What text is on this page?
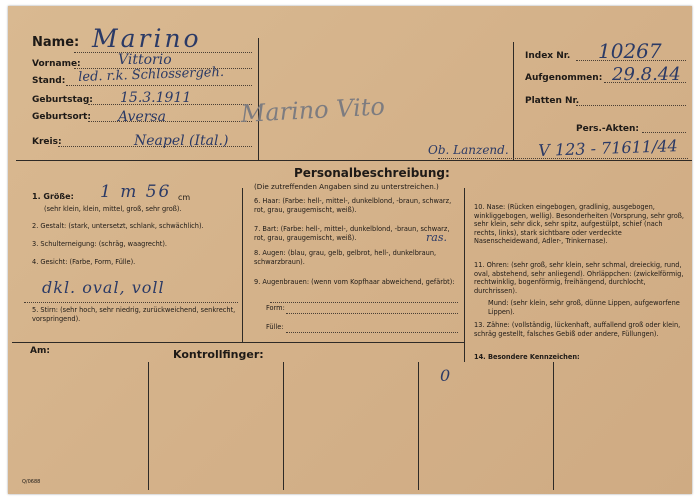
Name:
Vorname:
Stand:
Geburtstag:
Geburtsort:
Kreis:
Marino
Vittorio
led. r.k. Schlossergeh.
15.3.1911
Aversa
Neapel (Ital.)
Marino Vito
Index Nr. 10267
Aufgenommen: 29.8.44
Platten Nr.
Pers.-Akten:
Ob. Lanzend. V 123 - 71611/44
Personalbeschreibung:
(Die zutreffenden Angaben sind zu unterstreichen.)
1. Größe: 1 m 56 cm
(sehr klein, klein, mittel, groß, sehr groß).
2. Gestalt: (stark, untersetzt, schlank, schwächlich).
3. Schulterneigung: (schräg, waagrecht).
4. Gesicht: (Farbe, Form, Fülle).
dkl. oval, voll
5. Stirn: (sehr hoch, sehr niedrig, zurückweichend, senkrecht, vorspringend).
6. Haar: (Farbe: hell-, mittel-, dunkelblond, -braun, schwarz, rot, grau, graugemischt, weiß).
7. Bart: (Farbe: hell-, mittel-, dunkelblond, -braun, schwarz, rot, grau, graugemischt, weiß).	ras.
8. Augen: (blau, grau, gelb, gelbrot, hell-, dunkelbraun, schwarzbraun).
9. Augenbrauen: (wenn vom Kopfhaar abweichend, gefärbt):
Form:
Fülle:
10. Nase: (Rücken eingebogen, gradlinig, ausgebogen, winkliggebogen, wellig). Besonderheiten (Vorsprung, sehr groß, sehr klein, sehr dick, sehr spitz, aufgestülpt, schief (nach rechts, links), stark sichtbare oder verdeckte Nasenscheidewand, Adler-, Trinkernase).
11. Ohren: (sehr groß, sehr klein, sehr schmal, dreieckig, rund, oval, abstehend, sehr anliegend). Ohrläppchen: (zwickelförmig, rechtwinklig, bogenförmig, freihängend, durchlocht, durchrissen).
Mund: (sehr klein, sehr groß, dünne Lippen, aufgeworfene Lippen).
13. Zähne: (vollständig, lückenhaft, auffallend groß oder klein, schräg gestellt, falsches Gebiß oder andere, Füllungen).
14. Besondere Kennzeichen:
Am:	Kontrollfinger:
0
Q/0688
